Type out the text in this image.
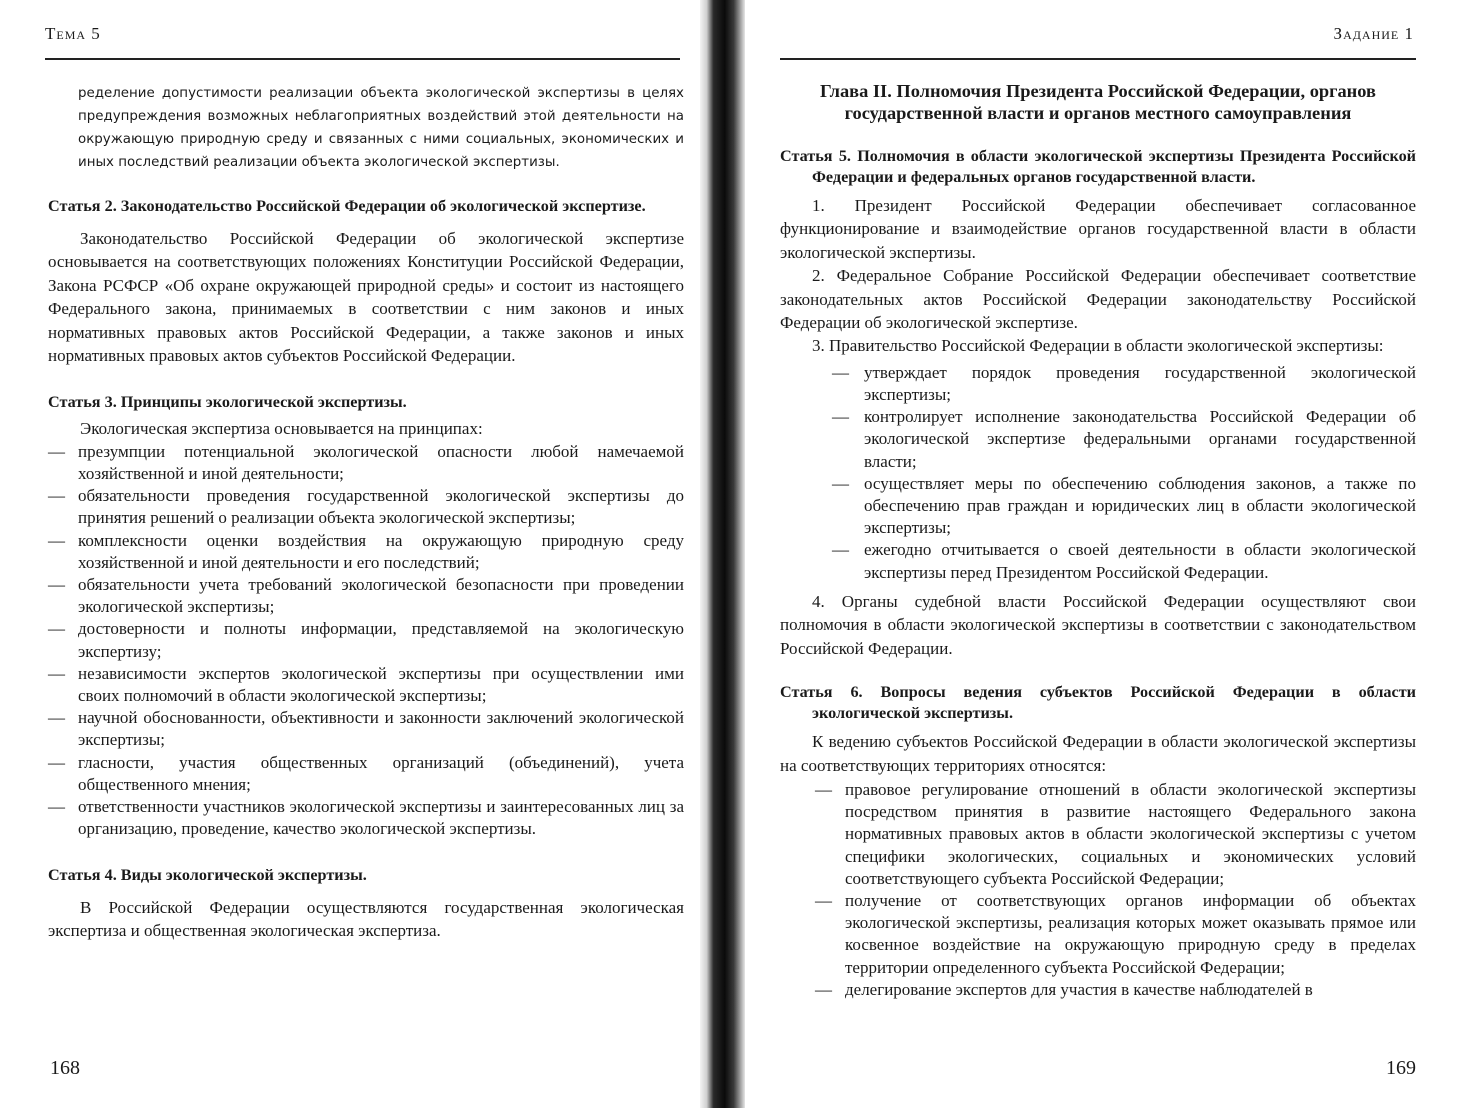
Тема 5

ределение допустимости реализации объекта экологической экспертизы в целях предупреждения возможных неблагоприятных воздействий этой деятельности на окружающую природную среду и связанных с ними социальных, экономических и иных последствий реализации объекта экологической экспертизы.

Статья 2. Законодательство Российской Федерации об экологической экспертизе.

Законодательство Российской Федерации об экологической экспертизе основывается на соответствующих положениях Конституции Российской Федерации, Закона РСФСР «Об охране окружающей природной среды» и состоит из настоящего Федерального закона, принимаемых в соответствии с ним законов и иных нормативных правовых актов Российской Федерации, а также законов и иных нормативных правовых актов субъектов Российской Федерации.

Статья 3. Принципы экологической экспертизы.

Экологическая экспертиза основывается на принципах:

— презумпции потенциальной экологической опасности любой намечаемой хозяйственной и иной деятельности;
— обязательности проведения государственной экологической экспертизы до принятия решений о реализации объекта экологической экспертизы;
— комплексности оценки воздействия на окружающую природную среду хозяйственной и иной деятельности и его последствий;
— обязательности учета требований экологической безопасности при проведении экологической экспертизы;
— достоверности и полноты информации, представляемой на экологическую экспертизу;
— независимости экспертов экологической экспертизы при осуществлении ими своих полномочий в области экологической экспертизы;
— научной обоснованности, объективности и законности заключений экологической экспертизы;
— гласности, участия общественных организаций (объединений), учета общественного мнения;
— ответственности участников экологической экспертизы и заинтересованных лиц за организацию, проведение, качество экологической экспертизы.

Статья 4. Виды экологической экспертизы.

В Российской Федерации осуществляются государственная экологическая экспертиза и общественная экологическая экспертиза.

168
Задание 1

Глава II. Полномочия Президента Российской Федерации, органов государственной власти и органов местного самоуправления

Статья 5. Полномочия в области экологической экспертизы Президента Российской Федерации и федеральных органов государственной власти.

1. Президент Российской Федерации обеспечивает согласованное функционирование и взаимодействие органов государственной власти в области экологической экспертизы.

2. Федеральное Собрание Российской Федерации обеспечивает соответствие законодательных актов Российской Федерации законодательству Российской Федерации об экологической экспертизе.

3. Правительство Российской Федерации в области экологической экспертизы:

— утверждает порядок проведения государственной экологической экспертизы;
— контролирует исполнение законодательства Российской Федерации об экологической экспертизе федеральными органами государственной власти;
— осуществляет меры по обеспечению соблюдения законов, а также по обеспечению прав граждан и юридических лиц в области экологической экспертизы;
— ежегодно отчитывается о своей деятельности в области экологической экспертизы перед Президентом Российской Федерации.

4. Органы судебной власти Российской Федерации осуществляют свои полномочия в области экологической экспертизы в соответствии с законодательством Российской Федерации.

Статья 6. Вопросы ведения субъектов Российской Федерации в области экологической экспертизы.

К ведению субъектов Российской Федерации в области экологической экспертизы на соответствующих территориях относятся:

— правовое регулирование отношений в области экологической экспертизы посредством принятия в развитие настоящего Федерального закона нормативных правовых актов в области экологической экспертизы с учетом специфики экологических, социальных и экономических условий соответствующего субъекта Российской Федерации;
— получение от соответствующих органов информации об объектах экологической экспертизы, реализация которых может оказывать прямое или косвенное воздействие на окружающую природную среду в пределах территории определенного субъекта Российской Федерации;
— делегирование экспертов для участия в качестве наблюдателей в
169
